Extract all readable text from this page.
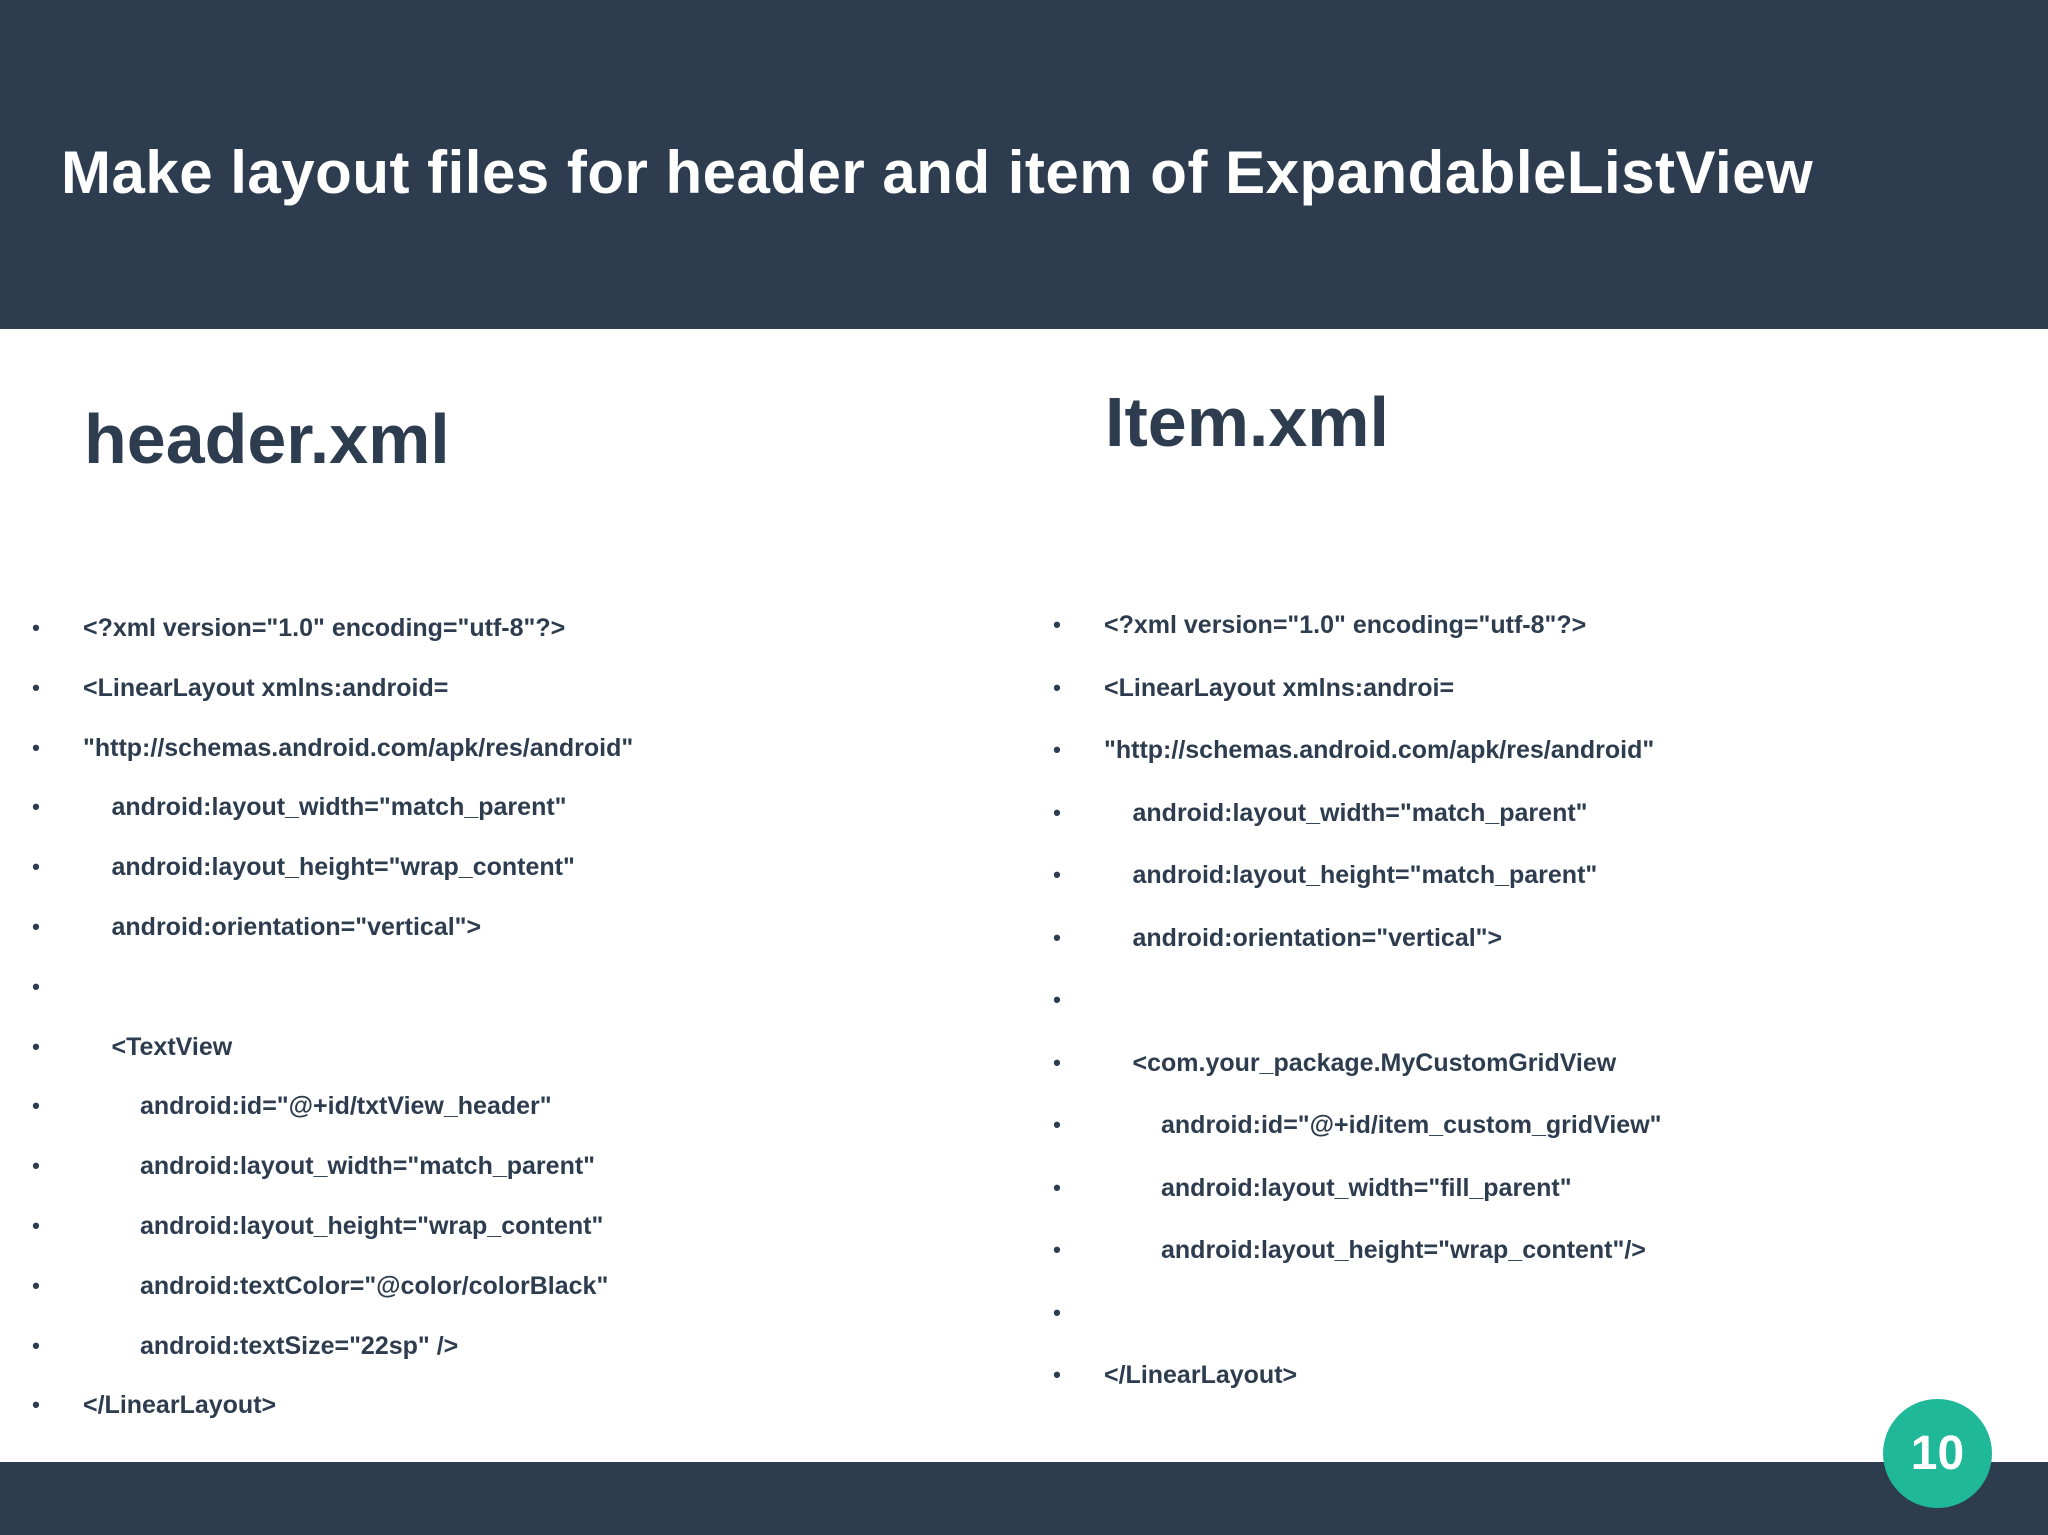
Make layout files for header and item of ExpandableListView
header.xml	Item.xml
• <?xml version="1.0" encoding="utf-8"?>
• <LinearLayout xmlns:android=
• "http://schemas.android.com/apk/res/android"
•	android:layout_width="match_parent"
•	android:layout_height="wrap_content"
•	android:orientation="vertical">
•
•	<TextView
•	android:id="@+id/txtView_header"
•	android:layout_width="match_parent"
•	android:layout_height="wrap_content"
•	android:textColor="@color/colorBlack"
•	android:textSize="22sp" />
• </LinearLayout>
• <?xml version="1.0" encoding="utf-8"?>
• <LinearLayout xmlns:androi=
• "http://schemas.android.com/apk/res/android"
•	android:layout_width="match_parent"
•	android:layout_height="match_parent"
•	android:orientation="vertical">
•
•	<com.your_package.MyCustomGridView
•	android:id="@+id/item_custom_gridView"
•	android:layout_width="fill_parent"
•	android:layout_height="wrap_content"/>
•
• </LinearLayout>
10
